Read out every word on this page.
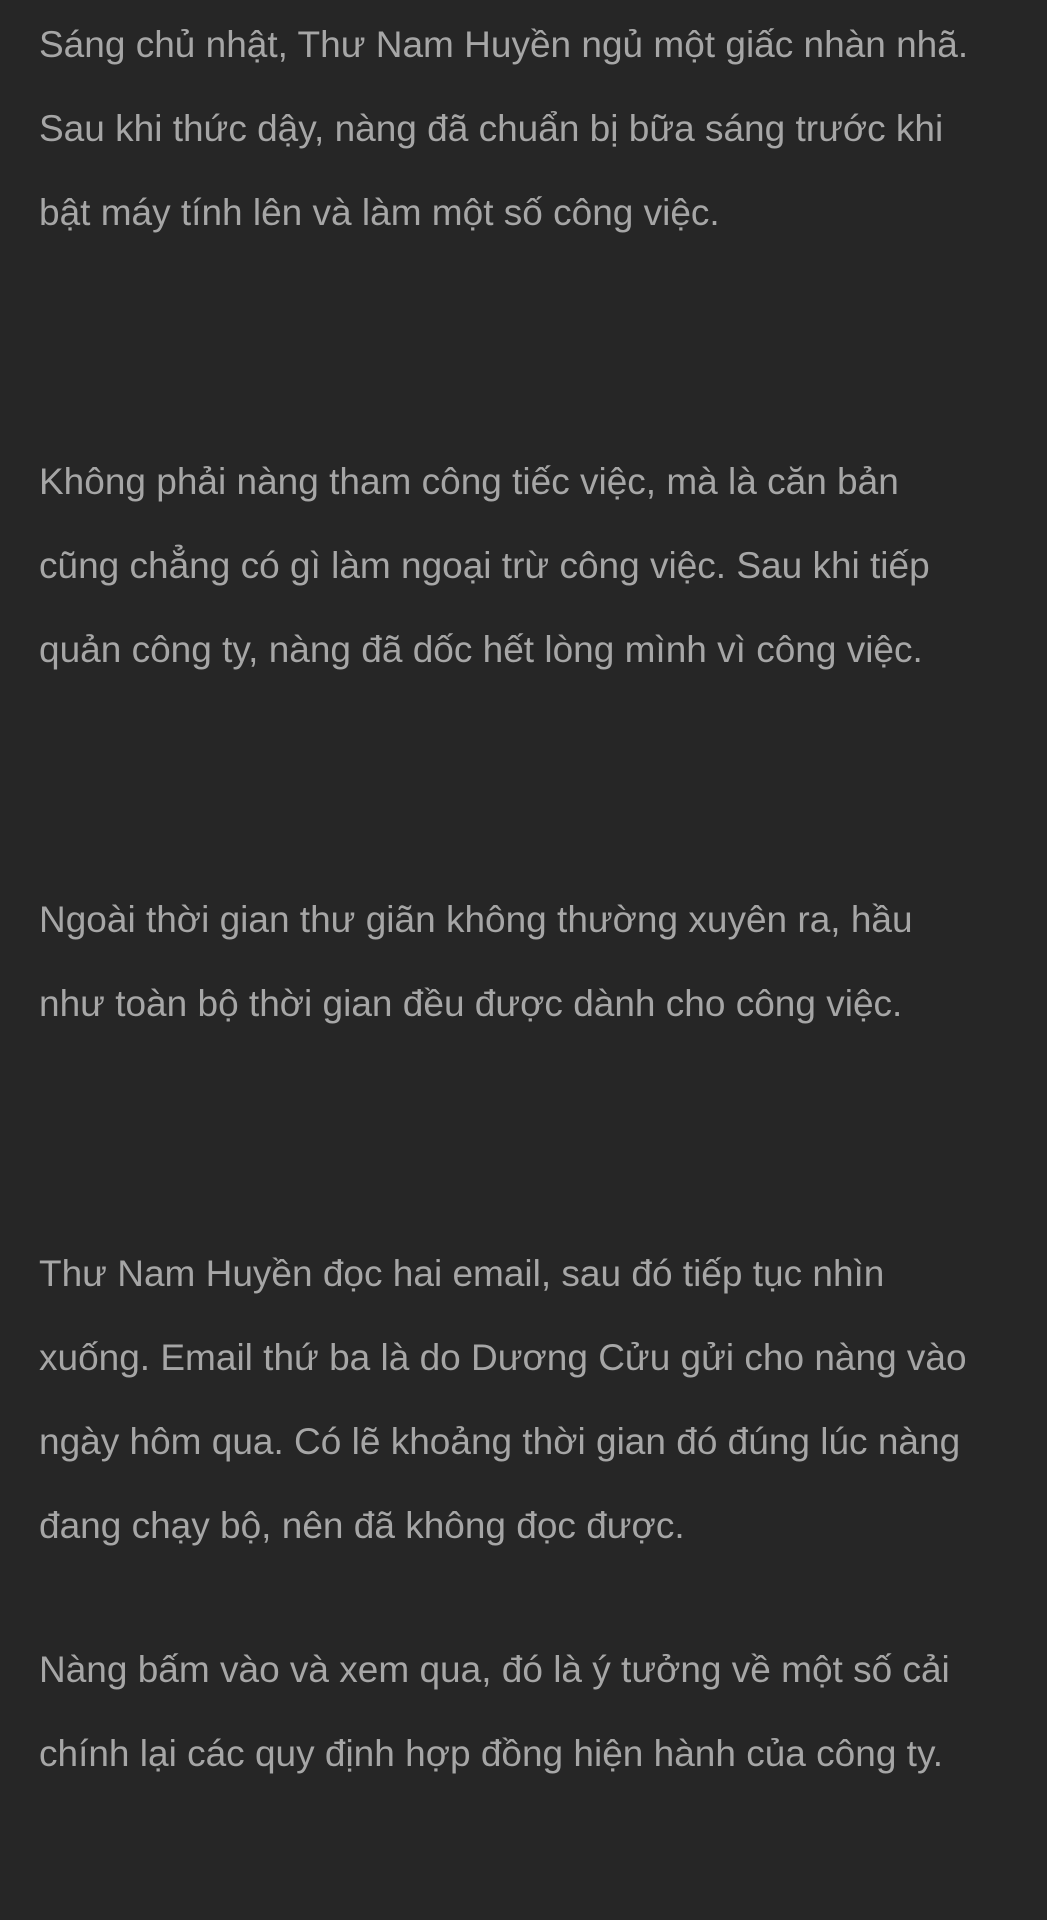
Sáng chủ nhật, Thư Nam Huyền ngủ một giấc nhàn nhã.
Sau khi thức dậy, nàng đã chuẩn bị bữa sáng trước khi
bật máy tính lên và làm một số công việc.

Không phải nàng tham công tiếc việc, mà là căn bản
cũng chẳng có gì làm ngoại trừ công việc. Sau khi tiếp
quản công ty, nàng đã dốc hết lòng mình vì công việc.

Ngoài thời gian thư giãn không thường xuyên ra, hầu
như toàn bộ thời gian đều được dành cho công việc.

Thư Nam Huyền đọc hai email, sau đó tiếp tục nhìn
xuống. Email thứ ba là do Dương Cửu gửi cho nàng vào
ngày hôm qua. Có lẽ khoảng thời gian đó đúng lúc nàng
đang chạy bộ, nên đã không đọc được.

Nàng bấm vào và xem qua, đó là ý tưởng về một số cải
chính lại các quy định hợp đồng hiện hành của công ty.
